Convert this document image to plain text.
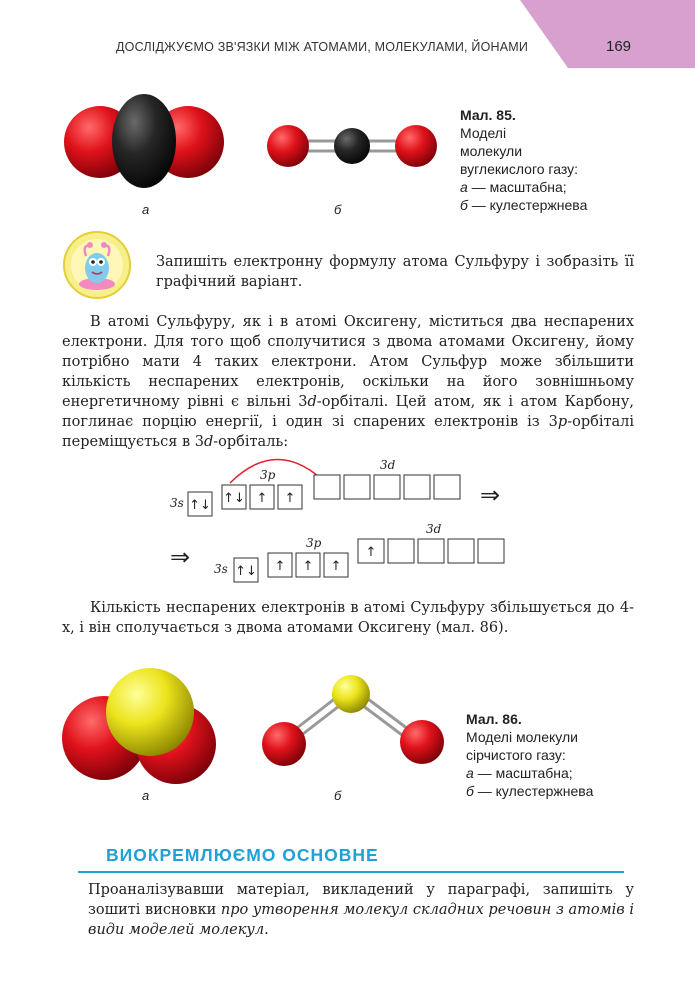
ДОСЛІДЖУЄМО ЗВ'ЯЗКИ МІЖ АТОМАМИ, МОЛЕКУЛАМИ, ЙОНАМИ	169
а	б
Мал. 85.
Моделі
молекули
вуглекислого газу:
а — масштабна;
б — кулестержнева
Запишіть електронну формулу атома Сульфуру і зобразіть її графічний варіант.

В атомі Сульфуру, як і в атомі Оксигену, міститься два неспарених електрони. Для того щоб сполучитися з двома атомами Оксигену, йому потрібно мати 4 таких електрони. Атом Сульфур може збільшити кількість неспарених електронів, оскільки на його зовнішньому енергетичному рівні є вільні 3d-орбіталі. Цей атом, як і атом Карбону, поглинає порцію енергії, і один зі спарених електронів із 3p-орбіталі переміщується в 3d-орбіталь:

3s ↑↓
3p
↑↓ ↑ ↑
3d
⇒
⇒ 3s ↑↓
3p
↑ ↑ ↑
3d
↑

Кількість неспарених електронів в атомі Сульфуру збільшується до 4-х, і він сполучається з двома атомами Оксигену (мал. 86).

а	б
Мал. 86.
Моделі молекули
сірчистого газу:
а — масштабна;
б — кулестержнева
ВИОКРЕМЛЮЄМО ОСНОВНЕ

Проаналізувавши матеріал, викладений у параграфі, запишіть у зошиті висновки про утворення молекул складних речовин з атомів і види моделей молекул.
